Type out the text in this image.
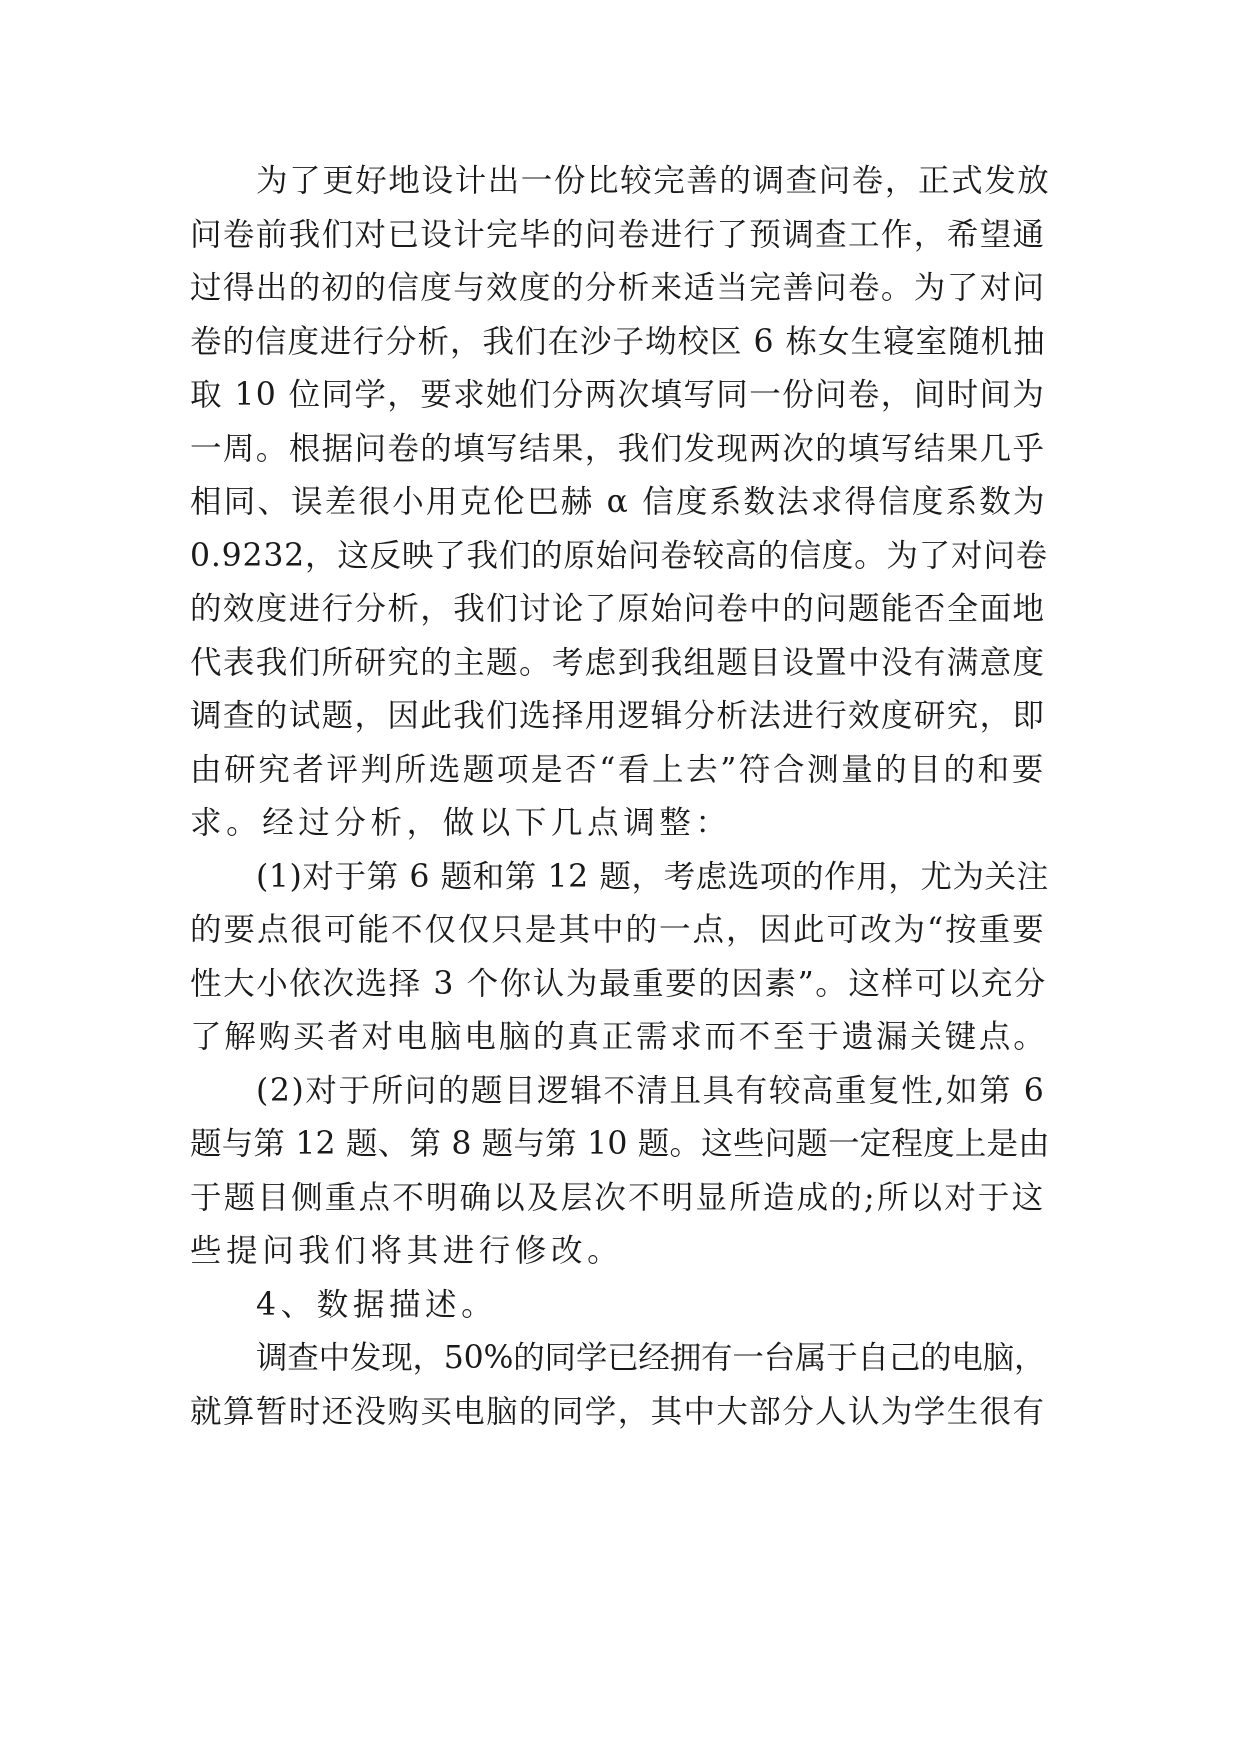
为了更好地设计出一份比较完善的调查问卷，正式发放
问卷前我们对已设计完毕的问卷进行了预调查工作，希望通
过得出的初的信度与效度的分析来适当完善问卷。为了对问
卷的信度进行分析，我们在沙子坳校区 6 栋女生寝室随机抽
取 10 位同学，要求她们分两次填写同一份问卷，间时间为
一周。根据问卷的填写结果，我们发现两次的填写结果几乎
相同、误差很小用克伦巴赫 α 信度系数法求得信度系数为
0.9232，这反映了我们的原始问卷较高的信度。为了对问卷
的效度进行分析，我们讨论了原始问卷中的问题能否全面地
代表我们所研究的主题。考虑到我组题目设置中没有满意度
调查的试题，因此我们选择用逻辑分析法进行效度研究，即
由研究者评判所选题项是否“看上去”符合测量的目的和要
求。经过分析，做以下几点调整：
(1)对于第 6 题和第 12 题，考虑选项的作用，尤为关注
的要点很可能不仅仅只是其中的一点，因此可改为“按重要
性大小依次选择 3 个你认为最重要的因素”。这样可以充分
了解购买者对电脑电脑的真正需求而不至于遗漏关键点。
(2)对于所问的题目逻辑不清且具有较高重复性,如第 6
题与第 12 题、第 8 题与第 10 题。这些问题一定程度上是由
于题目侧重点不明确以及层次不明显所造成的;所以对于这
些提问我们将其进行修改。
4、数据描述。
调查中发现，50%的同学已经拥有一台属于自己的电脑，
就算暂时还没购买电脑的同学，其中大部分人认为学生很有
